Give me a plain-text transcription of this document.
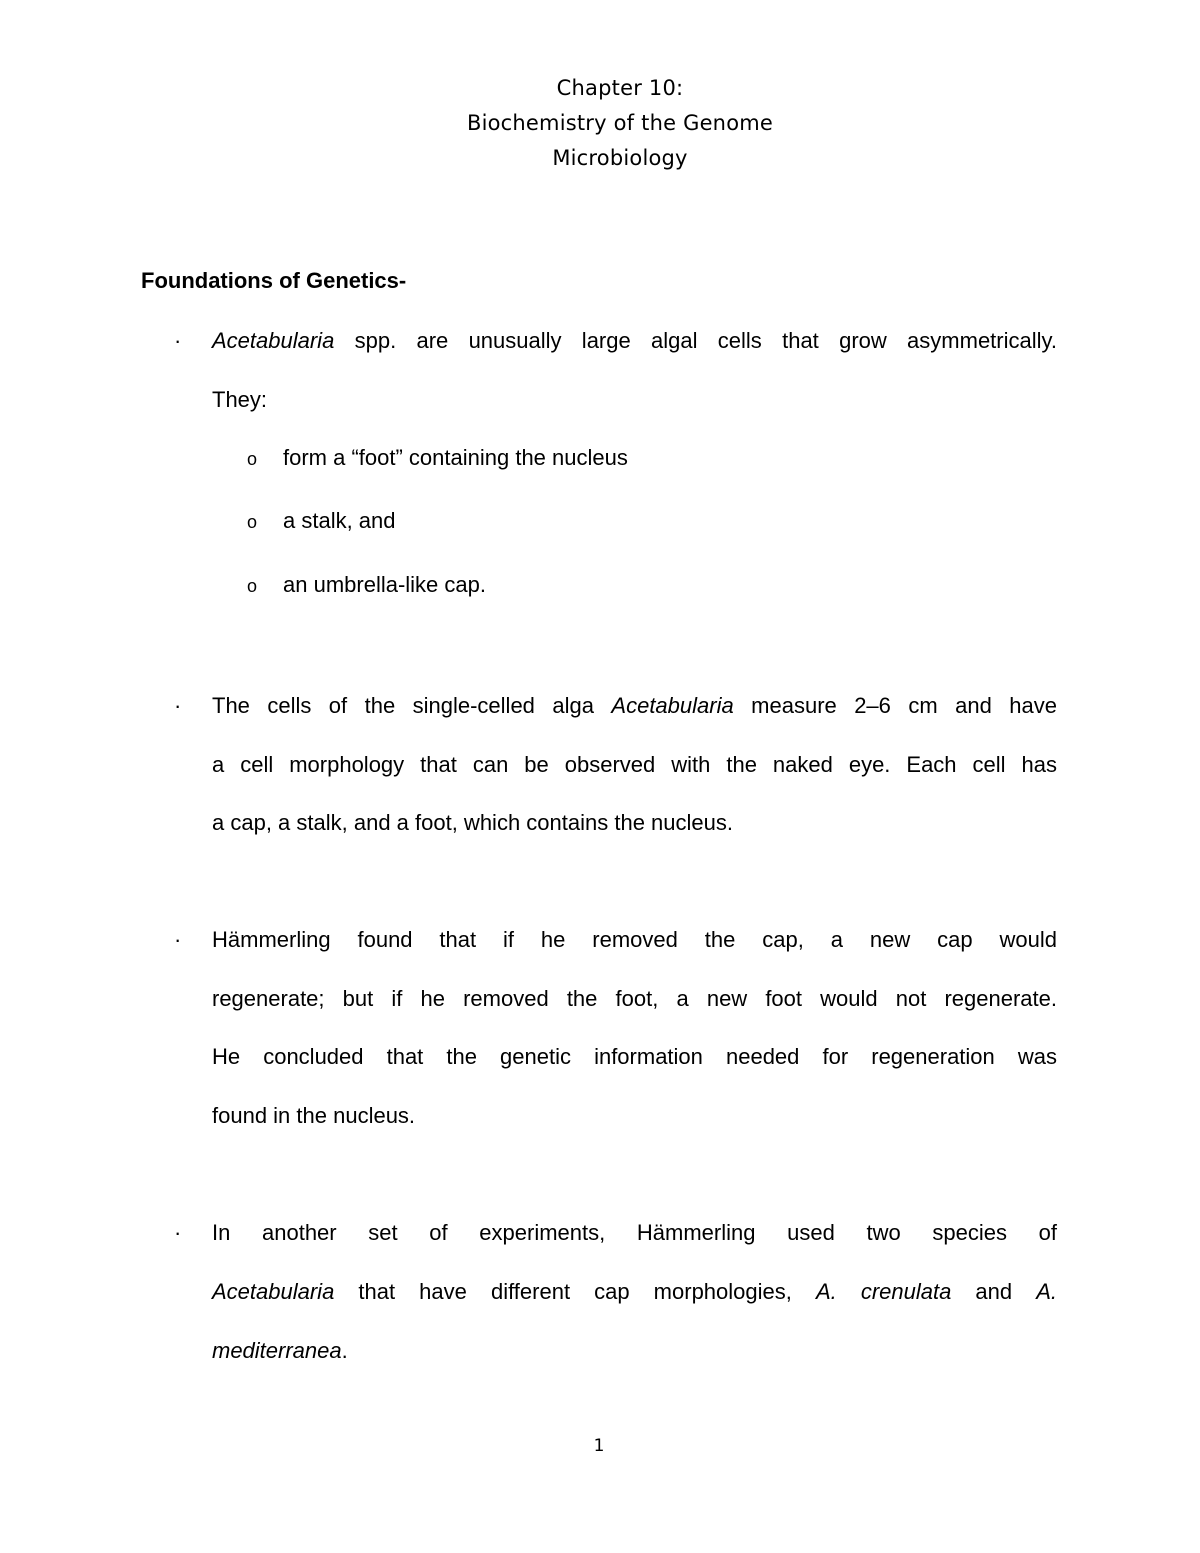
Chapter 10:
Biochemistry of the Genome
Microbiology
Foundations of Genetics-
· Acetabularia spp. are unusually large algal cells that grow asymmetrically.
They:
o form a “foot” containing the nucleus
o a stalk, and
o an umbrella-like cap.
· The cells of the single-celled alga Acetabularia measure 2–6 cm and have
a cell morphology that can be observed with the naked eye. Each cell has
a cap, a stalk, and a foot, which contains the nucleus.
· Hämmerling found that if he removed the cap, a new cap would
regenerate; but if he removed the foot, a new foot would not regenerate.
He concluded that the genetic information needed for regeneration was
found in the nucleus.
· In another set of experiments, Hämmerling used two species of
Acetabularia that have different cap morphologies, A. crenulata and A.
mediterranea.
1
